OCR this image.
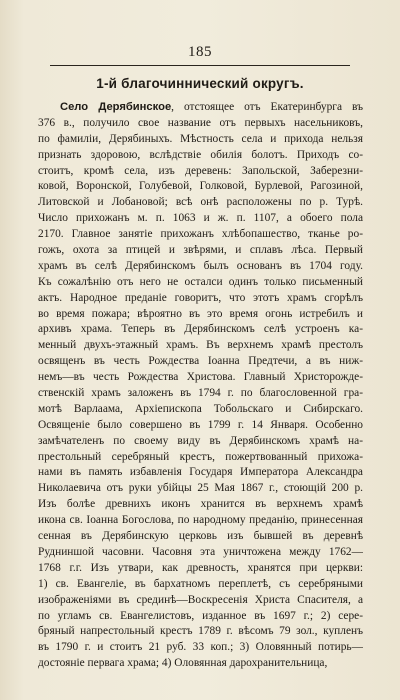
185
1-й благочиннический округъ.
Село Дерябинское, отстоящее отъ Екатеринбурга въ
376 в., получило свое название отъ первыхъ насельниковъ,
по фамиліи, Дерябиныхъ. Мѣстность села и прихода нельзя
признать здоровою, вслѣдствіе обилія болотъ. Приходъ со-
стоитъ, кромѣ села, изъ деревень: Запольской, Заберезни-
ковой, Воронской, Голубевой, Голковой, Бурлевой, Рагозиной,
Литовской и Лобановой; всѣ онѣ расположены по р. Турѣ.
Число прихожанъ м. п. 1063 и ж. п. 1107, а обоего пола
2170. Главное занятіе прихожанъ хлѣбопашество, тканье ро-
гожъ, охота за птицей и звѣрями, и сплавъ лѣса. Первый
храмъ въ селѣ Дерябинскомъ былъ основанъ въ 1704 году.
Къ сожалѣнію отъ него не осталси одинъ только письменный
актъ. Народное преданіе говоритъ, что этотъ храмъ сгорѣлъ
во время пожара; вѣроятно въ это время огонь истребилъ и
архивъ храма. Теперь въ Дерябинскомъ селѣ устроенъ ка-
менный двухъ-этажный храмъ. Въ верхнемъ храмѣ престолъ
освященъ въ честь Рождества Іоанна Предтечи, а въ ниж-
немъ—въ честь Рождества Христова. Главный Христорожде-
ственскій храмъ заложенъ въ 1794 г. по благословенной гра-
мотѣ Варлаама, Архіепископа Тобольскаго и Сибирскаго.
Освященіе было совершено въ 1799 г. 14 Января. Особенно
замѣчателенъ по своему виду въ Дерябинскомъ храмѣ на-
престольный серебряный крестъ, пожертвованный прихожа-
нами въ память избавленія Государя Императора Александра
Николаевича отъ руки убійцы 25 Мая 1867 г., стоющій 200 р.
Изъ болѣе древнихъ иконъ хранится въ верхнемъ храмѣ
икона св. Іоанна Богослова, по народному преданію, принесенная
сенная въ Дерябинскую церковь изъ бывшей въ деревнѣ
Рудниншой часовни. Часовня эта уничтожена между 1762—
1768 г.г. Изъ утвари, как древность, хранятся при церкви:
1) св. Евангеліе, въ бархатномъ переплетѣ, съ серебряными
изображеніями въ срединѣ—Воскресенія Христа Спасителя, а
по угламъ св. Евангелистовъ, изданное въ 1697 г.; 2) сере-
бряный напрестольный крестъ 1789 г. вѣсомъ 79 зол., купленъ
въ 1790 г. и стоитъ 21 руб. 33 коп.; 3) Оловянный потирь—
достояніе первага храма; 4) Оловянная дарохранительница,
